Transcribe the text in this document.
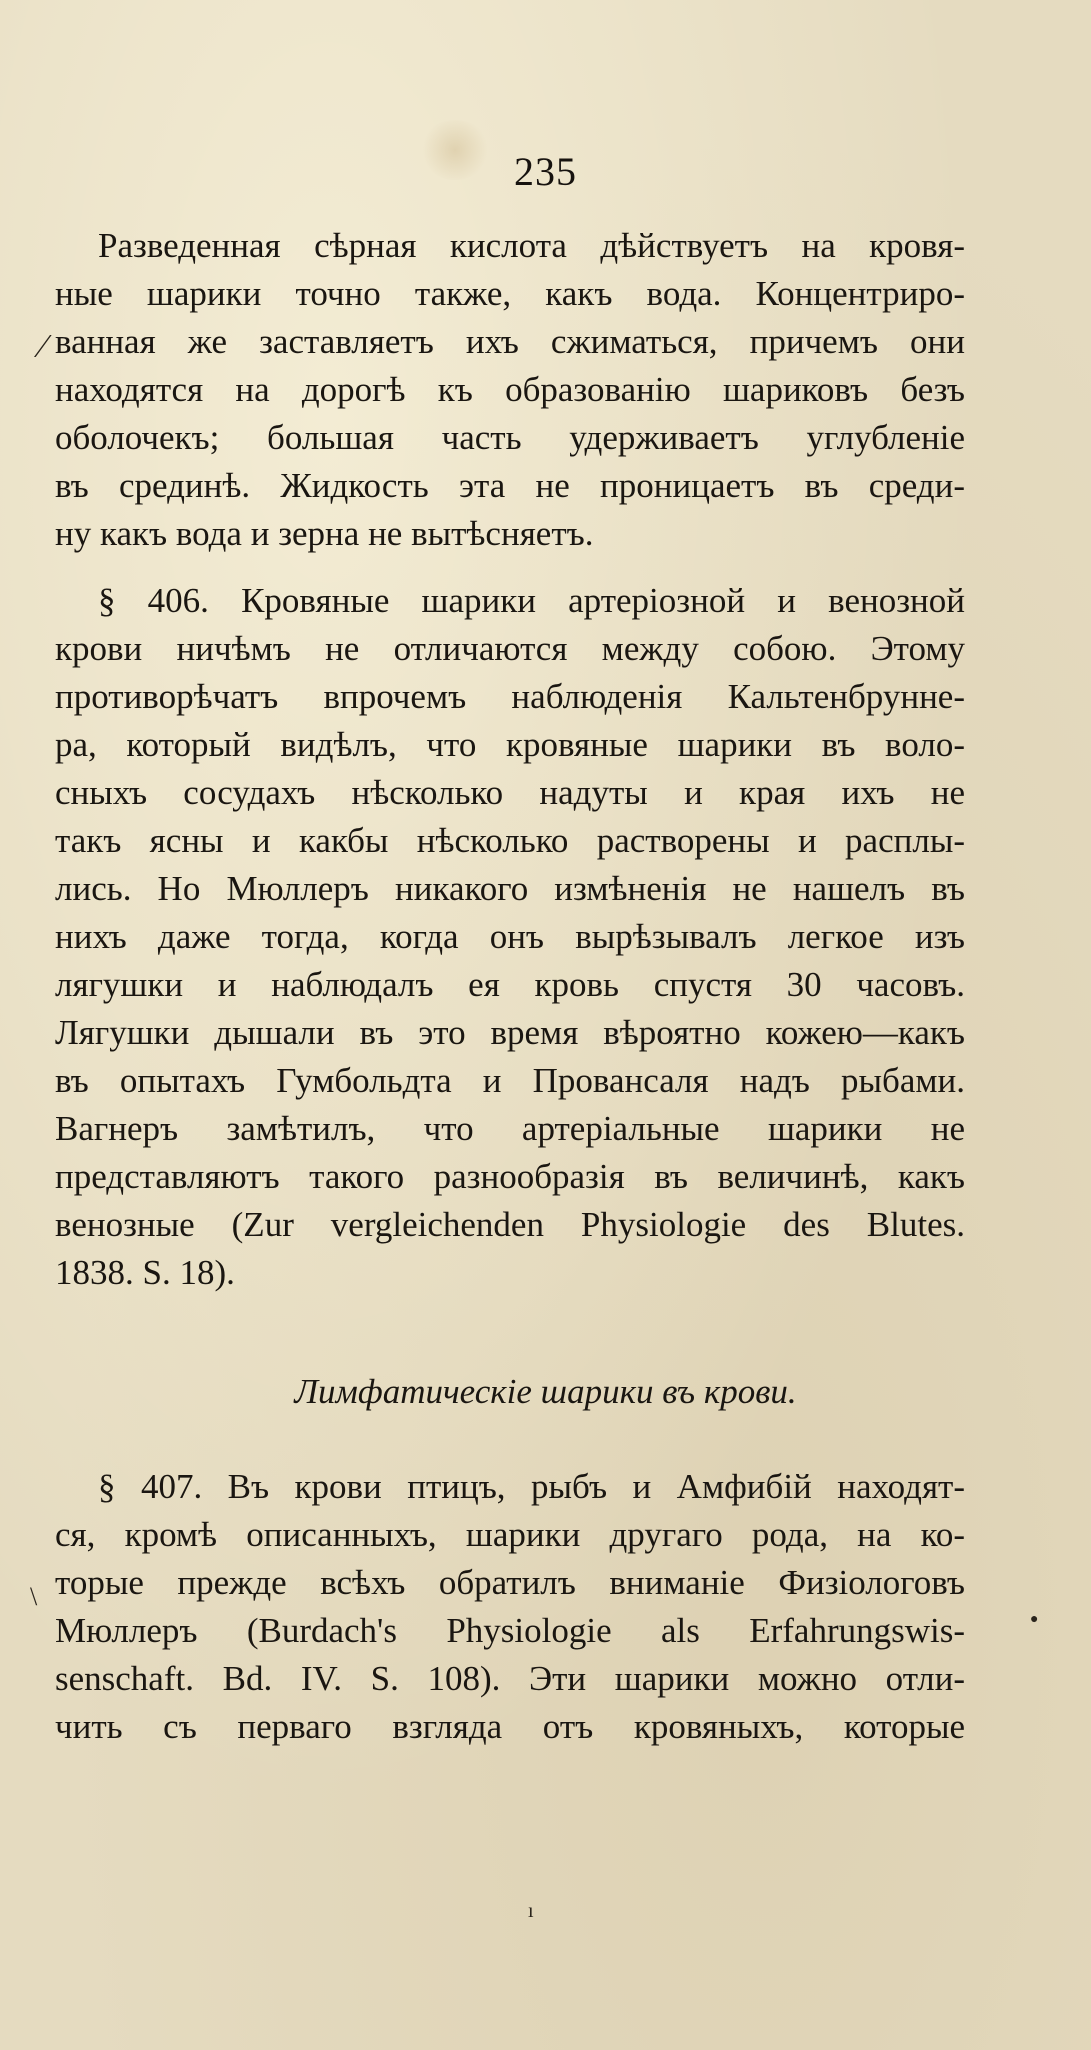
235
Разведенная сѣрная кислота дѣйствуетъ на кровя-
ные шарики точно также, какъ вода. Концентриро-
ванная же заставляетъ ихъ сжиматься, причемъ они
находятся на дорогѣ къ образованію шариковъ безъ
оболочекъ; большая часть удерживаетъ углубленіе
въ срединѣ. Жидкость эта не проницаетъ въ среди-
ну какъ вода и зерна не вытѣсняетъ.
§ 406. Кровяные шарики артеріозной и венозной
крови ничѣмъ не отличаются между собою. Этому
противорѣчатъ впрочемъ наблюденія Кальтенбрунне-
ра, который видѣлъ, что кровяные шарики въ воло-
сныхъ сосудахъ нѣсколько надуты и края ихъ не
такъ ясны и какбы нѣсколько растворены и расплы-
лись. Но Мюллеръ никакого измѣненія не нашелъ въ
нихъ даже тогда, когда онъ вырѣзывалъ легкое изъ
лягушки и наблюдалъ ея кровь спустя 30 часовъ.
Лягушки дышали въ это время вѣроятно кожею—какъ
въ опытахъ Гумбольдта и Провансаля надъ рыбами.
Вагнеръ замѣтилъ, что артеріальные шарики не
представляютъ такого разнообразія въ величинѣ, какъ
венозные (Zur vergleichenden Physiologie des Blutes.
1838. S. 18).
Лимфатическіе шарики въ крови.
§ 407. Въ крови птицъ, рыбъ и Амфибій находят-
ся, кромѣ описанныхъ, шарики другаго рода, на ко-
торые прежде всѣхъ обратилъ вниманіе Физіологовъ
Мюллеръ (Burdach's Physiologie als Erfahrungswis-
senschaft. Bd. IV. S. 108). Эти шарики можно отли-
чить съ перваго взгляда отъ кровяныхъ, которые
⁄
●
\
ı
